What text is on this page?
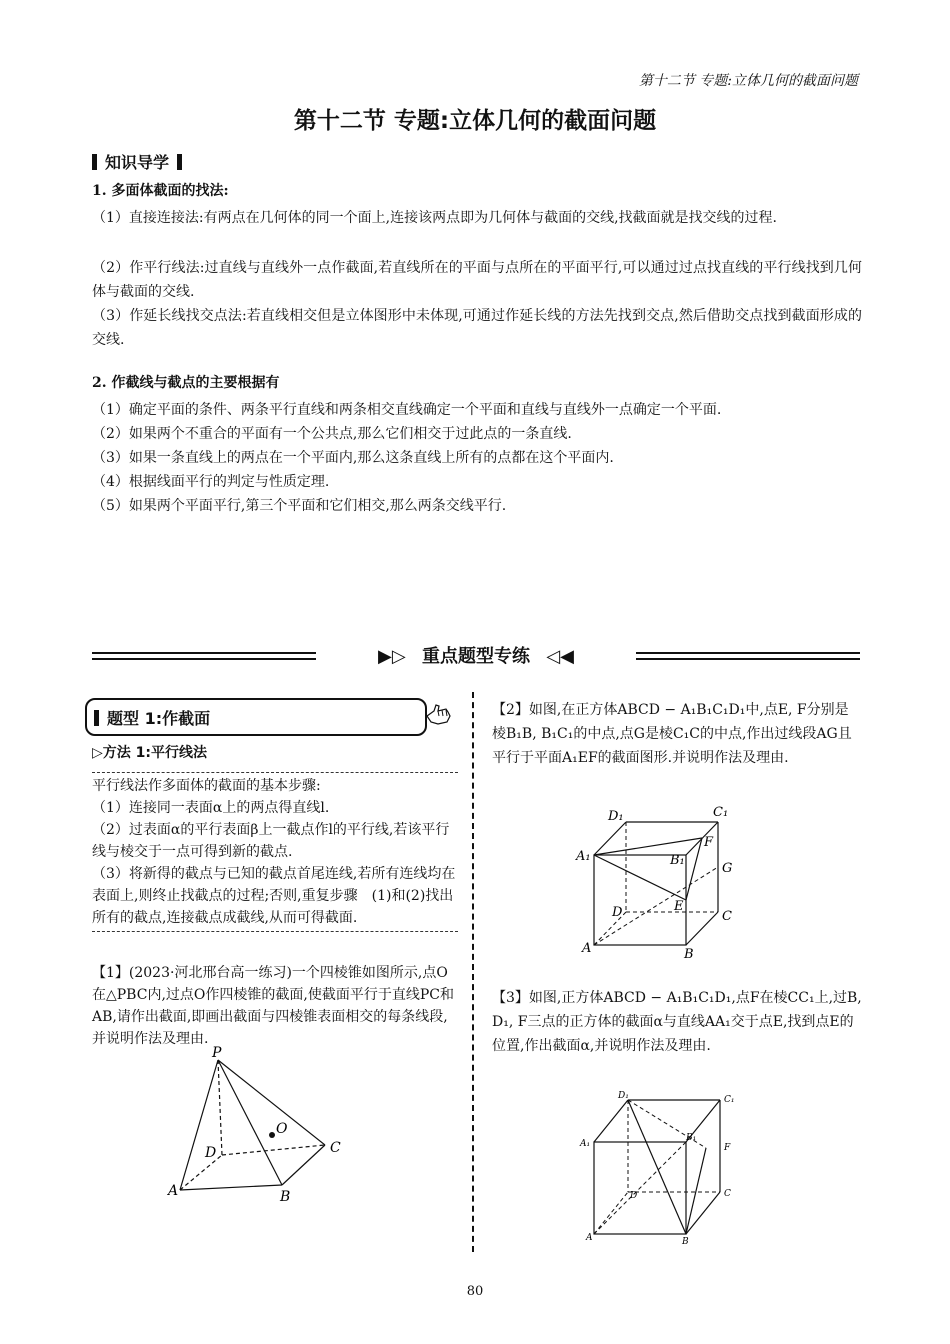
第十二节 专题:立体几何的截面问题
第十二节 专题:立体几何的截面问题
知识导学
1. 多面体截面的找法:
（1）直接连接法:有两点在几何体的同一个面上,连接该两点即为几何体与截面的交线,找截面就是找交线的过程.
（2）作平行线法:过直线与直线外一点作截面,若直线所在的平面与点所在的平面平行,可以通过过点找直线的平行线找到几何体与截面的交线.
（3）作延长线找交点法:若直线相交但是立体图形中未体现,可通过作延长线的方法先找到交点,然后借助交点找到截面形成的交线.
2. 作截线与截点的主要根据有
（1）确定平面的条件、两条平行直线和两条相交直线确定一个平面和直线与直线外一点确定一个平面.
（2）如果两个不重合的平面有一个公共点,那么它们相交于过此点的一条直线.
（3）如果一条直线上的两点在一个平面内,那么这条直线上所有的点都在这个平面内.
（4）根据线面平行的判定与性质定理.
（5）如果两个平面平行,第三个平面和它们相交,那么两条交线平行.
▶▷ 重点题型专练 ◁◀
题型 1:作截面
▷方法 1:平行线法
平行线法作多面体的截面的基本步骤:
（1）连接同一表面α上的两点得直线l.
（2）过表面α的平行表面β上一截点作l的平行线,若该平行线与棱交于一点可得到新的截点.
（3）将新得的截点与已知的截点首尾连线,若所有连线均在表面上,则终止找截点的过程;否则,重复步骤　(1)和(2)找出所有的截点,连接截点成截线,从而可得截面.
【1】(2023·河北邢台高一练习)一个四棱锥如图所示,点O在△PBC内,过点O作四棱锥的截面,使截面平行于直线PC和AB,请作出截面,即画出截面与四棱锥表面相交的每条线段,并说明作法及理由.
P
O
D	C
A	B
【2】如图,在正方体ABCD − A₁B₁C₁D₁中,点E, F分别是棱B₁B, B₁C₁的中点,点G是棱C₁C的中点,作出过线段AG且平行于平面A₁EF的截面图形.并说明作法及理由.
D₁	C₁
A₁	B₁
F
G
D	E
C
A	B
【3】如图,正方体ABCD − A₁B₁C₁D₁,点F在棱CC₁上,过B, D₁, F三点的正方体的截面α与直线AA₁交于点E,找到点E的位置,作出截面α,并说明作法及理由.
D₁	C₁
A₁
B₁
F
D	C
A	B
80
